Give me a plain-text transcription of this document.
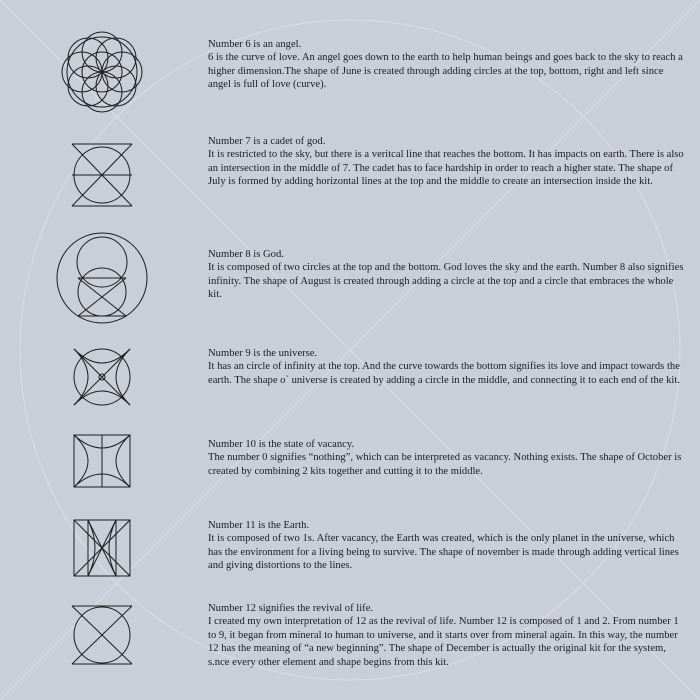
Number 6 is an angel.
6 is the curve of love. An angel goes down to the earth to help human beings and goes back to the sky to reach a higher dimension.The shape of June is created through adding circles at the top, bottom, right and left since angel is full of love (curve).
Number 7 is a cadet of god.
It is restricted to the sky, but there is a veritcal line that reaches the bottom. It has impacts on earth. There is also an intersection in the middle of 7. The cadet has to face hardship in order to reach a higher state. The shape of July is formed by adding horizontal lines at the top and the middle to create an intersection inside the kit.
Number 8 is God.
It is composed of two circles at the top and the bottom. God loves the sky and the earth. Number 8 also signifies infinity. The shape of August is created through adding a circle at the top and a circle that embraces the whole kit.
Number 9 is the universe.
It has an circle of infinity at the top. And the curve towards the bottom signifies its love and impact towards the earth. The shape o` universe is created by adding a circle in the middle, and connecting it to each end of the kit.
Number 10 is the state of vacancy.
The number 0 signifies “nothing”, which can be interpreted as vacancy. Nothing exists. The shape of October is created by combining 2 kits together and cutting it to the middle.
Number 11 is the Earth.
It is composed of two 1s. After vacancy, the Earth was created, which is the only planet in the universe, which has the environment for a living being to survive. The shape of november is made through adding vertical lines and giving distortions to the lines.
Number 12 signifies the revival of life.
I created my own interpretation of 12 as the revival of life. Number 12 is composed of 1 and 2. From number 1 to 9, it began from mineral to human to universe, and it starts over from mineral again. In this way, the number 12 has the meaning of “a new beginning”. The shape of December is actually the original kit for the system, s.nce every other element and shape begins from this kit.
